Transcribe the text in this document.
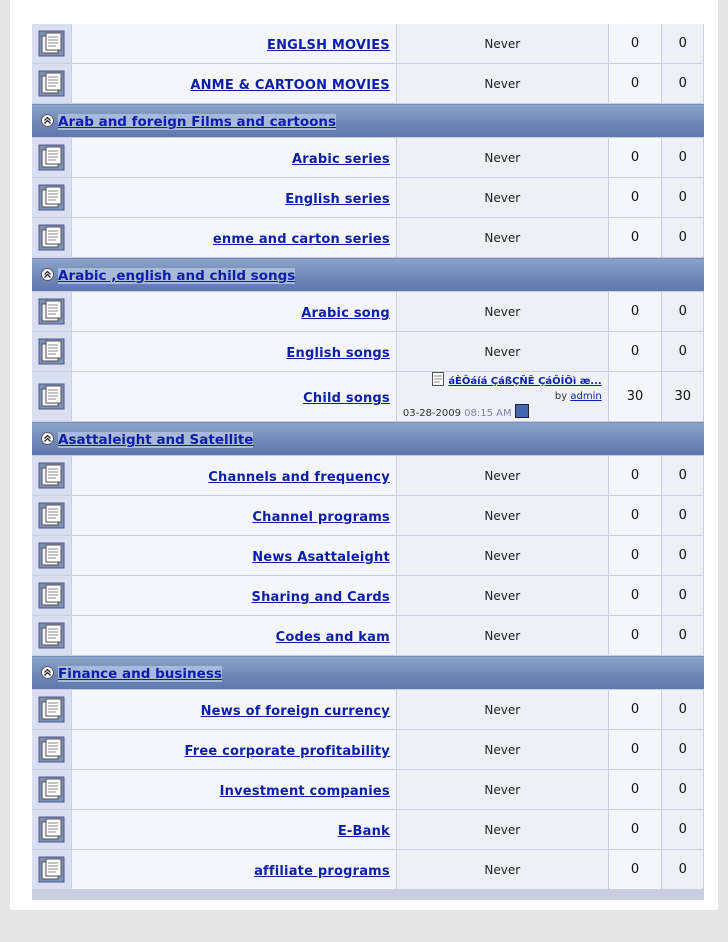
	ENGLSH MOVIES	Never	0	0
	ANME & CARTOON MOVIES	Never	0	0

Arab and foreign Films and cartoons				
	Arabic series	Never	0	0
	English series	Never	0	0
	enme and carton series	Never	0	0

Arabic ,english and child songs				
	Arabic song	Never	0	0
	English songs	Never	0	0
	Child songs	áÈÔáíá ÇáßÇÑÊ ÇáÔÍÕì æ...
by admin
03-28-2009 08:15 AM	30	30

Asattaleight and Satellite				
	Channels and frequency	Never	0	0
	Channel programs	Never	0	0
	News Asattaleight	Never	0	0
	Sharing and Cards	Never	0	0
	Codes and kam	Never	0	0

Finance and business				
	News of foreign currency	Never	0	0
	Free corporate profitability	Never	0	0
	Investment companies	Never	0	0
	E-Bank	Never	0	0
	affiliate programs	Never	0	0
